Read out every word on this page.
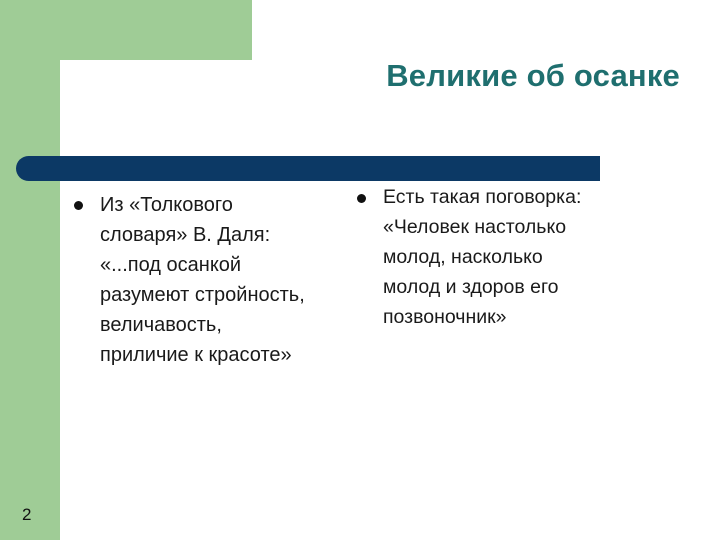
Великие об осанке
Из «Толкового
словаря» В. Даля:
«...под осанкой
разумеют стройность,
величавость,
приличие к красоте»
Есть такая поговорка:
«Человек настолько
молод, насколько
молод и здоров его
позвоночник»
2
